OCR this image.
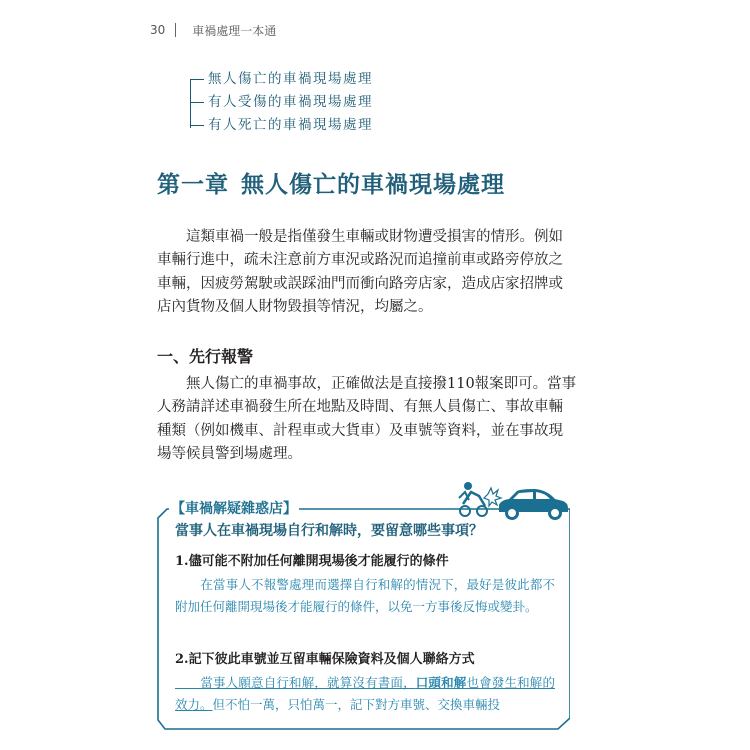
30 車禍處理一本通
無人傷亡的車禍現場處理
有人受傷的車禍現場處理
有人死亡的車禍現場處理
第一章 無人傷亡的車禍現場處理
　　這類車禍一般是指僅發生車輛或財物遭受損害的情形。例如車輛行進中，疏未注意前方車況或路況而追撞前車或路旁停放之車輛，因疲勞駕駛或誤踩油門而衝向路旁店家，造成店家招牌或店內貨物及個人財物毀損等情況，均屬之。
一、先行報警
　　無人傷亡的車禍事故，正確做法是直接撥110報案即可。當事人務請詳述車禍發生所在地點及時間、有無人員傷亡、事故車輛種類（例如機車、計程車或大貨車）及車號等資料，並在事故現場等候員警到場處理。
【車禍解疑雜惑店】
當事人在車禍現場自行和解時，要留意哪些事項？
1.儘可能不附加任何離開現場後才能履行的條件
　　在當事人不報警處理而選擇自行和解的情況下，最好是彼此都不附加任何離開現場後才能履行的條件，以免一方事後反悔或變卦。
2.記下彼此車號並互留車輛保險資料及個人聯絡方式
　　當事人願意自行和解，就算沒有書面，口頭和解也會發生和解的效力。但不怕一萬，只怕萬一，記下對方車號、交換車輛投
